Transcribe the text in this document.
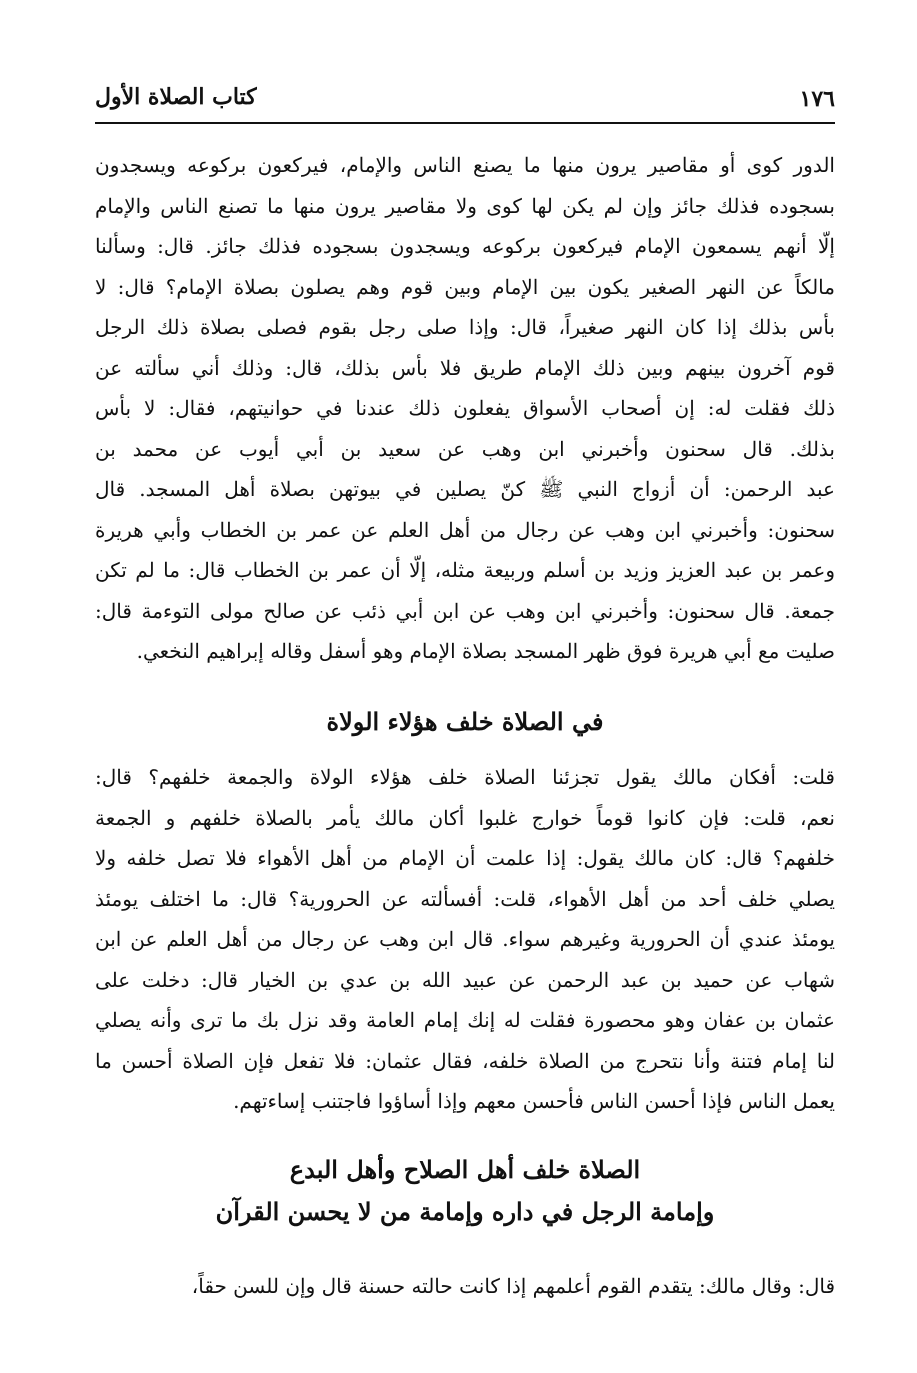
كتاب الصلاة الأول	١٧٦
الدور كوى أو مقاصير يرون منها ما يصنع الناس والإمام، فيركعون بركوعه ويسجدون
بسجوده فذلك جائز وإن لم يكن لها كوى ولا مقاصير يرون منها ما تصنع الناس والإمام
إلّا أنهم يسمعون الإمام فيركعون بركوعه ويسجدون بسجوده فذلك جائز. قال: وسألنا
مالكاً عن النهر الصغير يكون بين الإمام وبين قوم وهم يصلون بصلاة الإمام؟ قال: لا
بأس بذلك إذا كان النهر صغيراً، قال: وإذا صلى رجل بقوم فصلى بصلاة ذلك الرجل
قوم آخرون بينهم وبين ذلك الإمام طريق فلا بأس بذلك، قال: وذلك أني سألته عن
ذلك فقلت له: إن أصحاب الأسواق يفعلون ذلك عندنا في حوانيتهم، فقال: لا بأس
بذلك. قال سحنون وأخبرني ابن وهب عن سعيد بن أبي أيوب عن محمد بن
عبد الرحمن: أن أزواج النبي ﷺ كنّ يصلين في بيوتهن بصلاة أهل المسجد. قال
سحنون: وأخبرني ابن وهب عن رجال من أهل العلم عن عمر بن الخطاب وأبي هريرة
وعمر بن عبد العزيز وزيد بن أسلم وربيعة مثله، إلّا أن عمر بن الخطاب قال: ما لم تكن
جمعة. قال سحنون: وأخبرني ابن وهب عن ابن أبي ذئب عن صالح مولى التوءمة قال:
صليت مع أبي هريرة فوق ظهر المسجد بصلاة الإمام وهو أسفل وقاله إبراهيم النخعي.
في الصلاة خلف هؤلاء الولاة
قلت: أفكان مالك يقول تجزئنا الصلاة خلف هؤلاء الولاة والجمعة خلفهم؟ قال:
نعم، قلت: فإن كانوا قوماً خوارج غلبوا أكان مالك يأمر بالصلاة خلفهم و الجمعة
خلفهم؟ قال: كان مالك يقول: إذا علمت أن الإمام من أهل الأهواء فلا تصل خلفه ولا
يصلي خلف أحد من أهل الأهواء، قلت: أفسألته عن الحرورية؟ قال: ما اختلف يومئذ
يومئذ عندي أن الحرورية وغيرهم سواء. قال ابن وهب عن رجال من أهل العلم عن ابن
شهاب عن حميد بن عبد الرحمن عن عبيد الله بن عدي بن الخيار قال: دخلت على
عثمان بن عفان وهو محصورة فقلت له إنك إمام العامة وقد نزل بك ما ترى وأنه يصلي
لنا إمام فتنة وأنا نتحرج من الصلاة خلفه، فقال عثمان: فلا تفعل فإن الصلاة أحسن ما
يعمل الناس فإذا أحسن الناس فأحسن معهم وإذا أساؤوا فاجتنب إساءتهم.
الصلاة خلف أهل الصلاح وأهل البدع
وإمامة الرجل في داره وإمامة من لا يحسن القرآن
قال: وقال مالك: يتقدم القوم أعلمهم إذا كانت حالته حسنة قال وإن للسن حقاً،
